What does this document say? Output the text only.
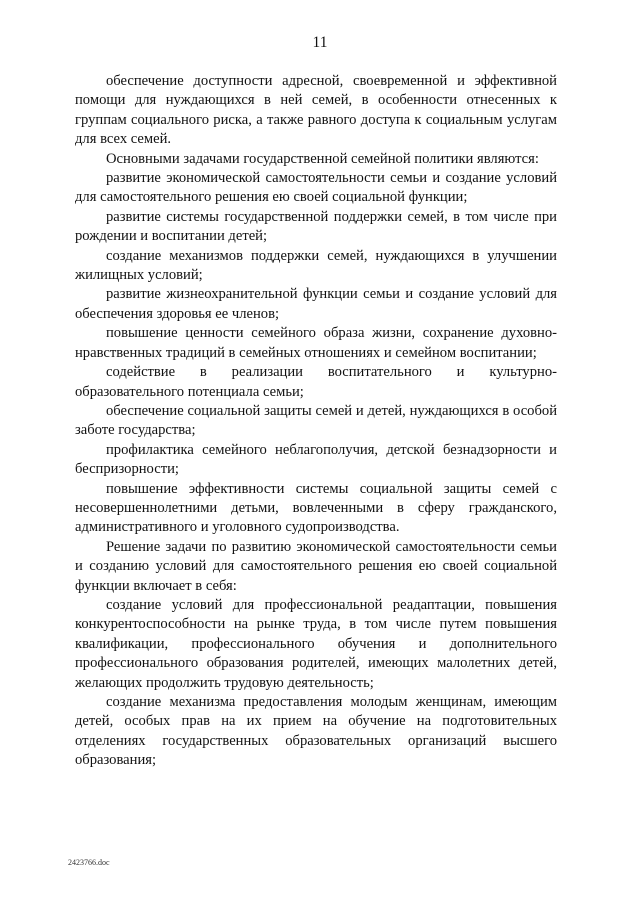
11

обеспечение доступности адресной, своевременной и эффективной помощи для нуждающихся в ней семей, в особенности отнесенных к группам социального риска, а также равного доступа к социальным услугам для всех семей.

Основными задачами государственной семейной политики являются:

развитие экономической самостоятельности семьи и создание условий для самостоятельного решения ею своей социальной функции;

развитие системы государственной поддержки семей, в том числе при рождении и воспитании детей;

создание механизмов поддержки семей, нуждающихся в улучшении жилищных условий;

развитие жизнеохранительной функции семьи и создание условий для обеспечения здоровья ее членов;

повышение ценности семейного образа жизни, сохранение духовно-нравственных традиций в семейных отношениях и семейном воспитании;

содействие в реализации воспитательного и культурно-образовательного потенциала семьи;

обеспечение социальной защиты семей и детей, нуждающихся в особой заботе государства;

профилактика семейного неблагополучия, детской безнадзорности и беспризорности;

повышение эффективности системы социальной защиты семей с несовершеннолетними детьми, вовлеченными в сферу гражданского, административного и уголовного судопроизводства.

Решение задачи по развитию экономической самостоятельности семьи и созданию условий для самостоятельного решения ею своей социальной функции включает в себя:

создание условий для профессиональной реадаптации, повышения конкурентоспособности на рынке труда, в том числе путем повышения квалификации, профессионального обучения и дополнительного профессионального образования родителей, имеющих малолетних детей, желающих продолжить трудовую деятельность;

создание механизма предоставления молодым женщинам, имеющим детей, особых прав на их прием на обучение на подготовительных отделениях государственных образовательных организаций высшего образования;

2423766.doc
